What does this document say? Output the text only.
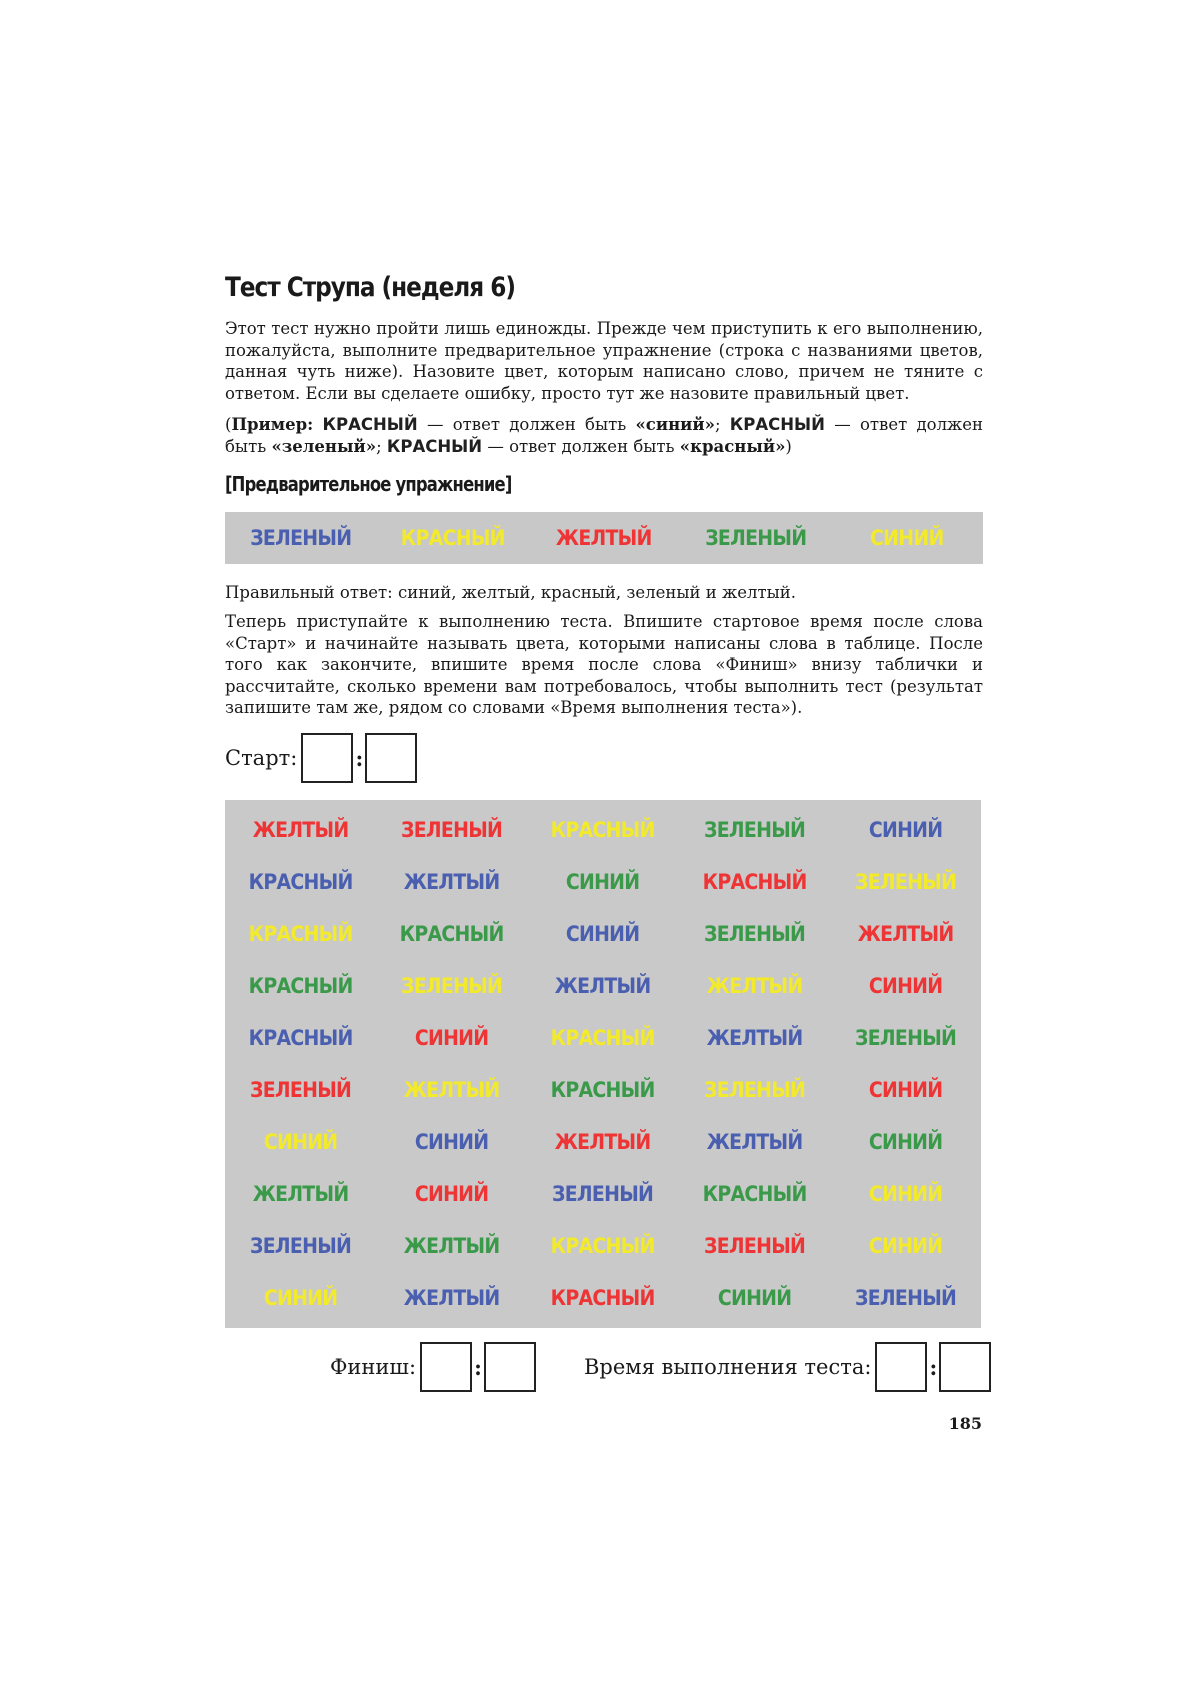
Тест Струпа (неделя 6)
Этот тест нужно пройти лишь единожды. Прежде чем приступить к его выполнению, пожалуйста, выполните предварительное упражнение (строка с названиями цветов, данная чуть ниже). Назовите цвет, которым написано слово, причем не тяните с ответом. Если вы сделаете ошибку, просто тут же назовите правильный цвет.
(Пример: КРАСНЫЙ — ответ должен быть «синий»; КРАСНЫЙ — ответ должен быть «зеленый»; КРАСНЫЙ — ответ должен быть «красный»)
[Предварительное упражнение]
ЗЕЛЕНЫЙ	КРАСНЫЙ	ЖЕЛТЫЙ	ЗЕЛЕНЫЙ	СИНИЙ
Правильный ответ: синий, желтый, красный, зеленый и желтый.
Теперь приступайте к выполнению теста. Впишите стартовое время после слова «Старт» и начинайте называть цвета, которыми написаны слова в таблице. После того как закончите, впишите время после слова «Финиш» внизу таблички и рассчитайте, сколько времени вам потребовалось, чтобы выполнить тест (результат запишите там же, рядом со словами «Время выполнения теста»).
Старт:	:
ЖЕЛТЫЙ	ЗЕЛЕНЫЙ	КРАСНЫЙ	ЗЕЛЕНЫЙ	СИНИЙ
КРАСНЫЙ	ЖЕЛТЫЙ	СИНИЙ	КРАСНЫЙ	ЗЕЛЕНЫЙ
КРАСНЫЙ	КРАСНЫЙ	СИНИЙ	ЗЕЛЕНЫЙ	ЖЕЛТЫЙ
КРАСНЫЙ	ЗЕЛЕНЫЙ	ЖЕЛТЫЙ	ЖЕЛТЫЙ	СИНИЙ
КРАСНЫЙ	СИНИЙ	КРАСНЫЙ	ЖЕЛТЫЙ	ЗЕЛЕНЫЙ
ЗЕЛЕНЫЙ	ЖЕЛТЫЙ	КРАСНЫЙ	ЗЕЛЕНЫЙ	СИНИЙ
СИНИЙ	СИНИЙ	ЖЕЛТЫЙ	ЖЕЛТЫЙ	СИНИЙ
ЖЕЛТЫЙ	СИНИЙ	ЗЕЛЕНЫЙ	КРАСНЫЙ	СИНИЙ
ЗЕЛЕНЫЙ	ЖЕЛТЫЙ	КРАСНЫЙ	ЗЕЛЕНЫЙ	СИНИЙ
СИНИЙ	ЖЕЛТЫЙ	КРАСНЫЙ	СИНИЙ	ЗЕЛЕНЫЙ
Финиш:	:	Время выполнения теста:	:
185
